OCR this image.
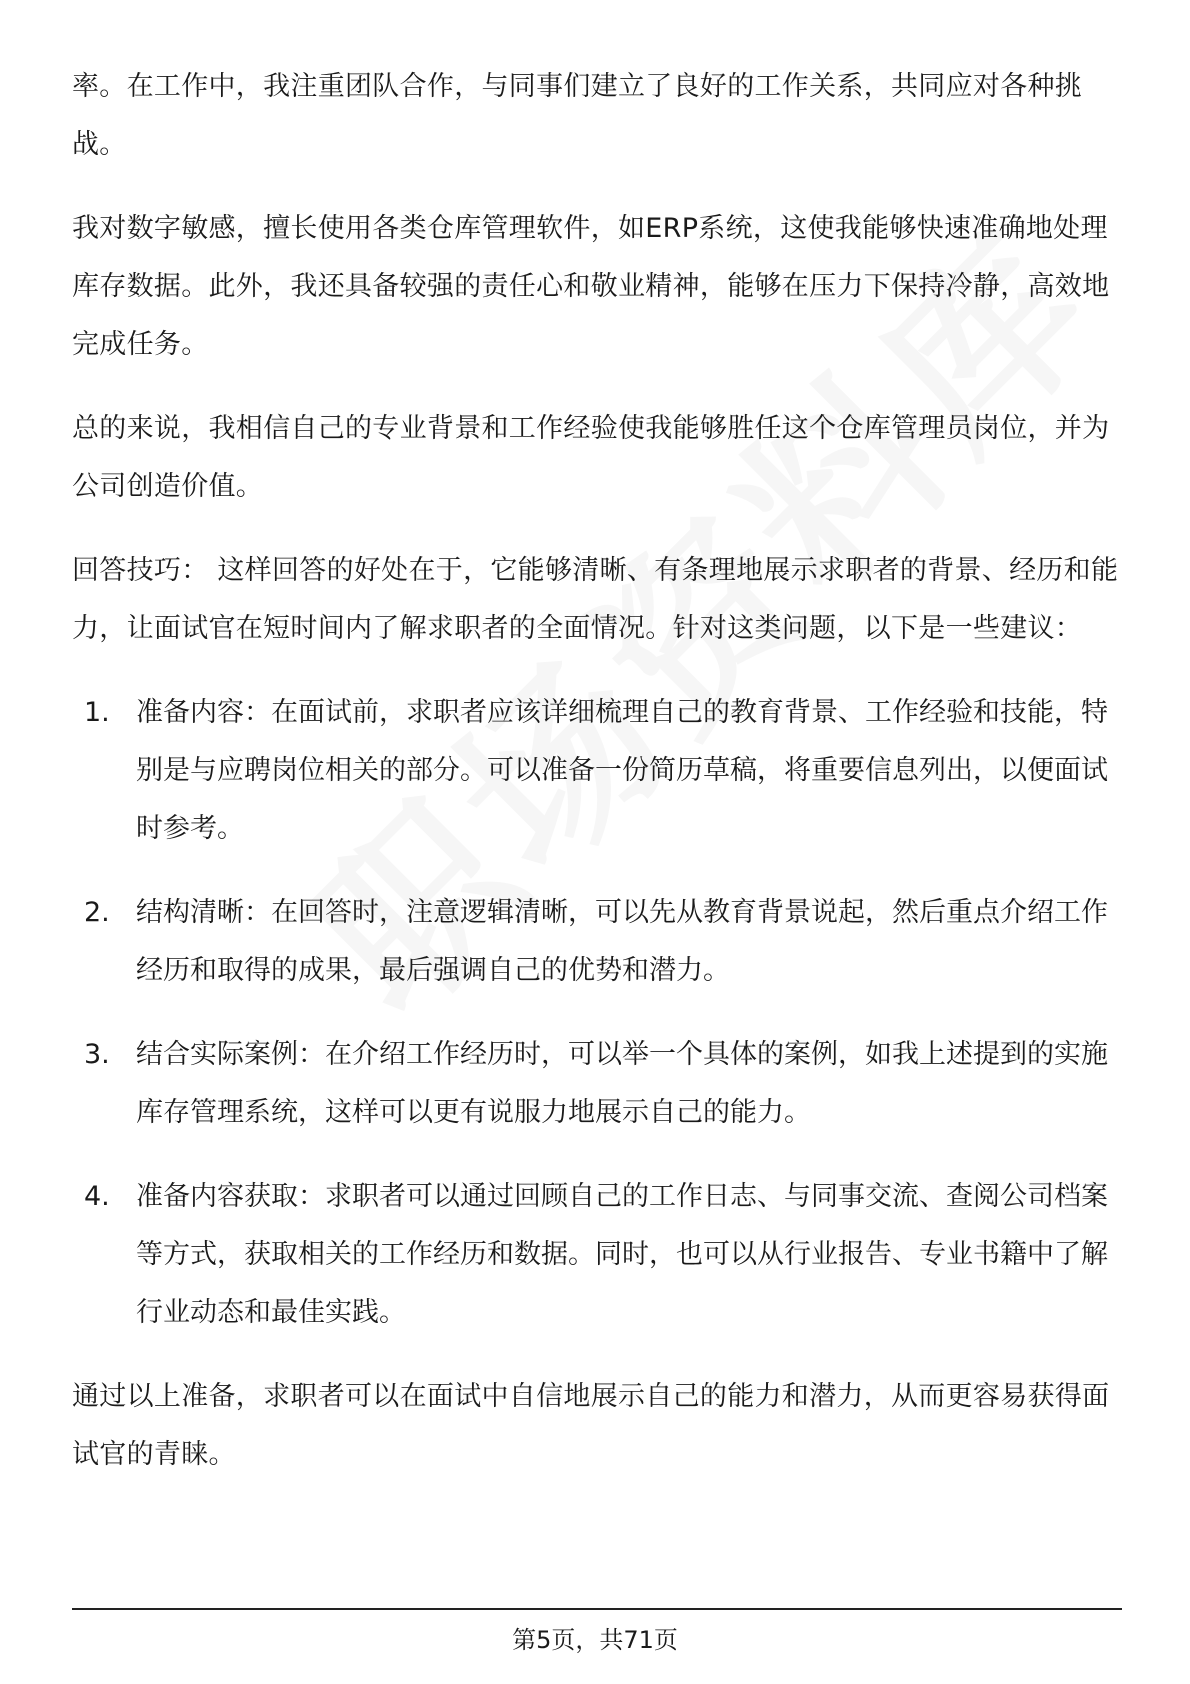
率。在工作中，我注重团队合作，与同事们建立了良好的工作关系，共同应对各种挑战。

我对数字敏感，擅长使用各类仓库管理软件，如ERP系统，这使我能够快速准确地处理库存数据。此外，我还具备较强的责任心和敬业精神，能够在压力下保持冷静，高效地完成任务。

总的来说，我相信自己的专业背景和工作经验使我能够胜任这个仓库管理员岗位，并为公司创造价值。

回答技巧： 这样回答的好处在于，它能够清晰、有条理地展示求职者的背景、经历和能力，让面试官在短时间内了解求职者的全面情况。针对这类问题，以下是一些建议：

1. 准备内容：在面试前，求职者应该详细梳理自己的教育背景、工作经验和技能，特别是与应聘岗位相关的部分。可以准备一份简历草稿，将重要信息列出，以便面试时参考。
2. 结构清晰：在回答时，注意逻辑清晰，可以先从教育背景说起，然后重点介绍工作经历和取得的成果，最后强调自己的优势和潜力。
3. 结合实际案例：在介绍工作经历时，可以举一个具体的案例，如我上述提到的实施库存管理系统，这样可以更有说服力地展示自己的能力。
4. 准备内容获取：求职者可以通过回顾自己的工作日志、与同事交流、查阅公司档案等方式，获取相关的工作经历和数据。同时，也可以从行业报告、专业书籍中了解行业动态和最佳实践。

通过以上准备，求职者可以在面试中自信地展示自己的能力和潜力，从而更容易获得面试官的青睐。

第5页，共71页
